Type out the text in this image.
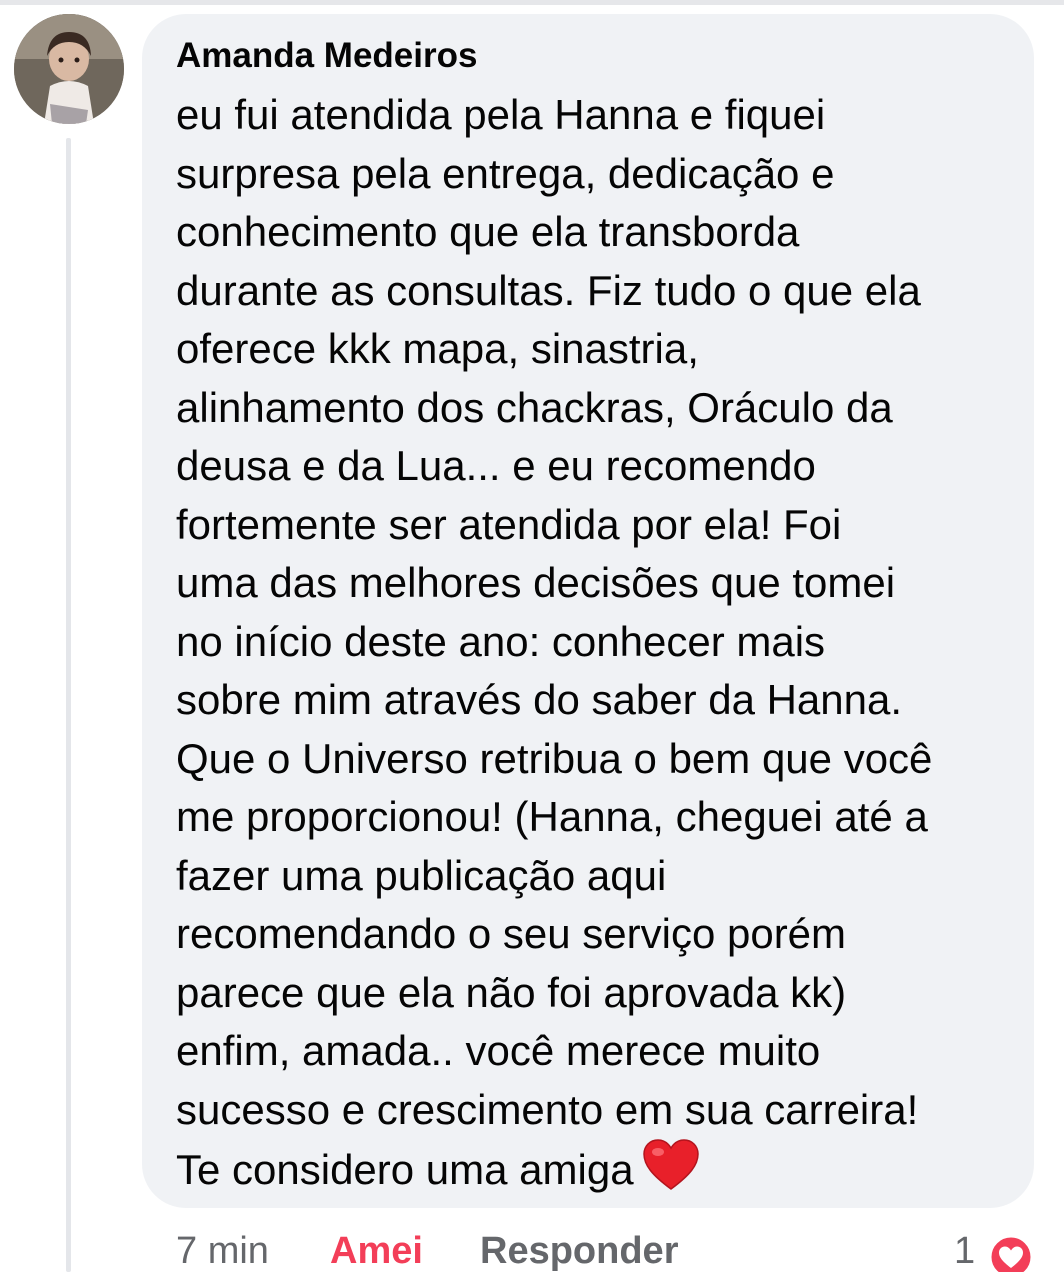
Amanda Medeiros

eu fui atendida pela Hanna e fiquei
surpresa pela entrega, dedicação e
conhecimento que ela transborda
durante as consultas. Fiz tudo o que ela
oferece kkk mapa, sinastria,
alinhamento dos chackras, Oráculo da
deusa e da Lua... e eu recomendo
fortemente ser atendida por ela! Foi
uma das melhores decisões que tomei
no início deste ano: conhecer mais
sobre mim através do saber da Hanna.
Que o Universo retribua o bem que você
me proporcionou! (Hanna, cheguei até a
fazer uma publicação aqui
recomendando o seu serviço porém
parece que ela não foi aprovada kk)
enfim, amada.. você merece muito
sucesso e crescimento em sua carreira!
Te considero uma amiga

7 min Amei Responder	1
